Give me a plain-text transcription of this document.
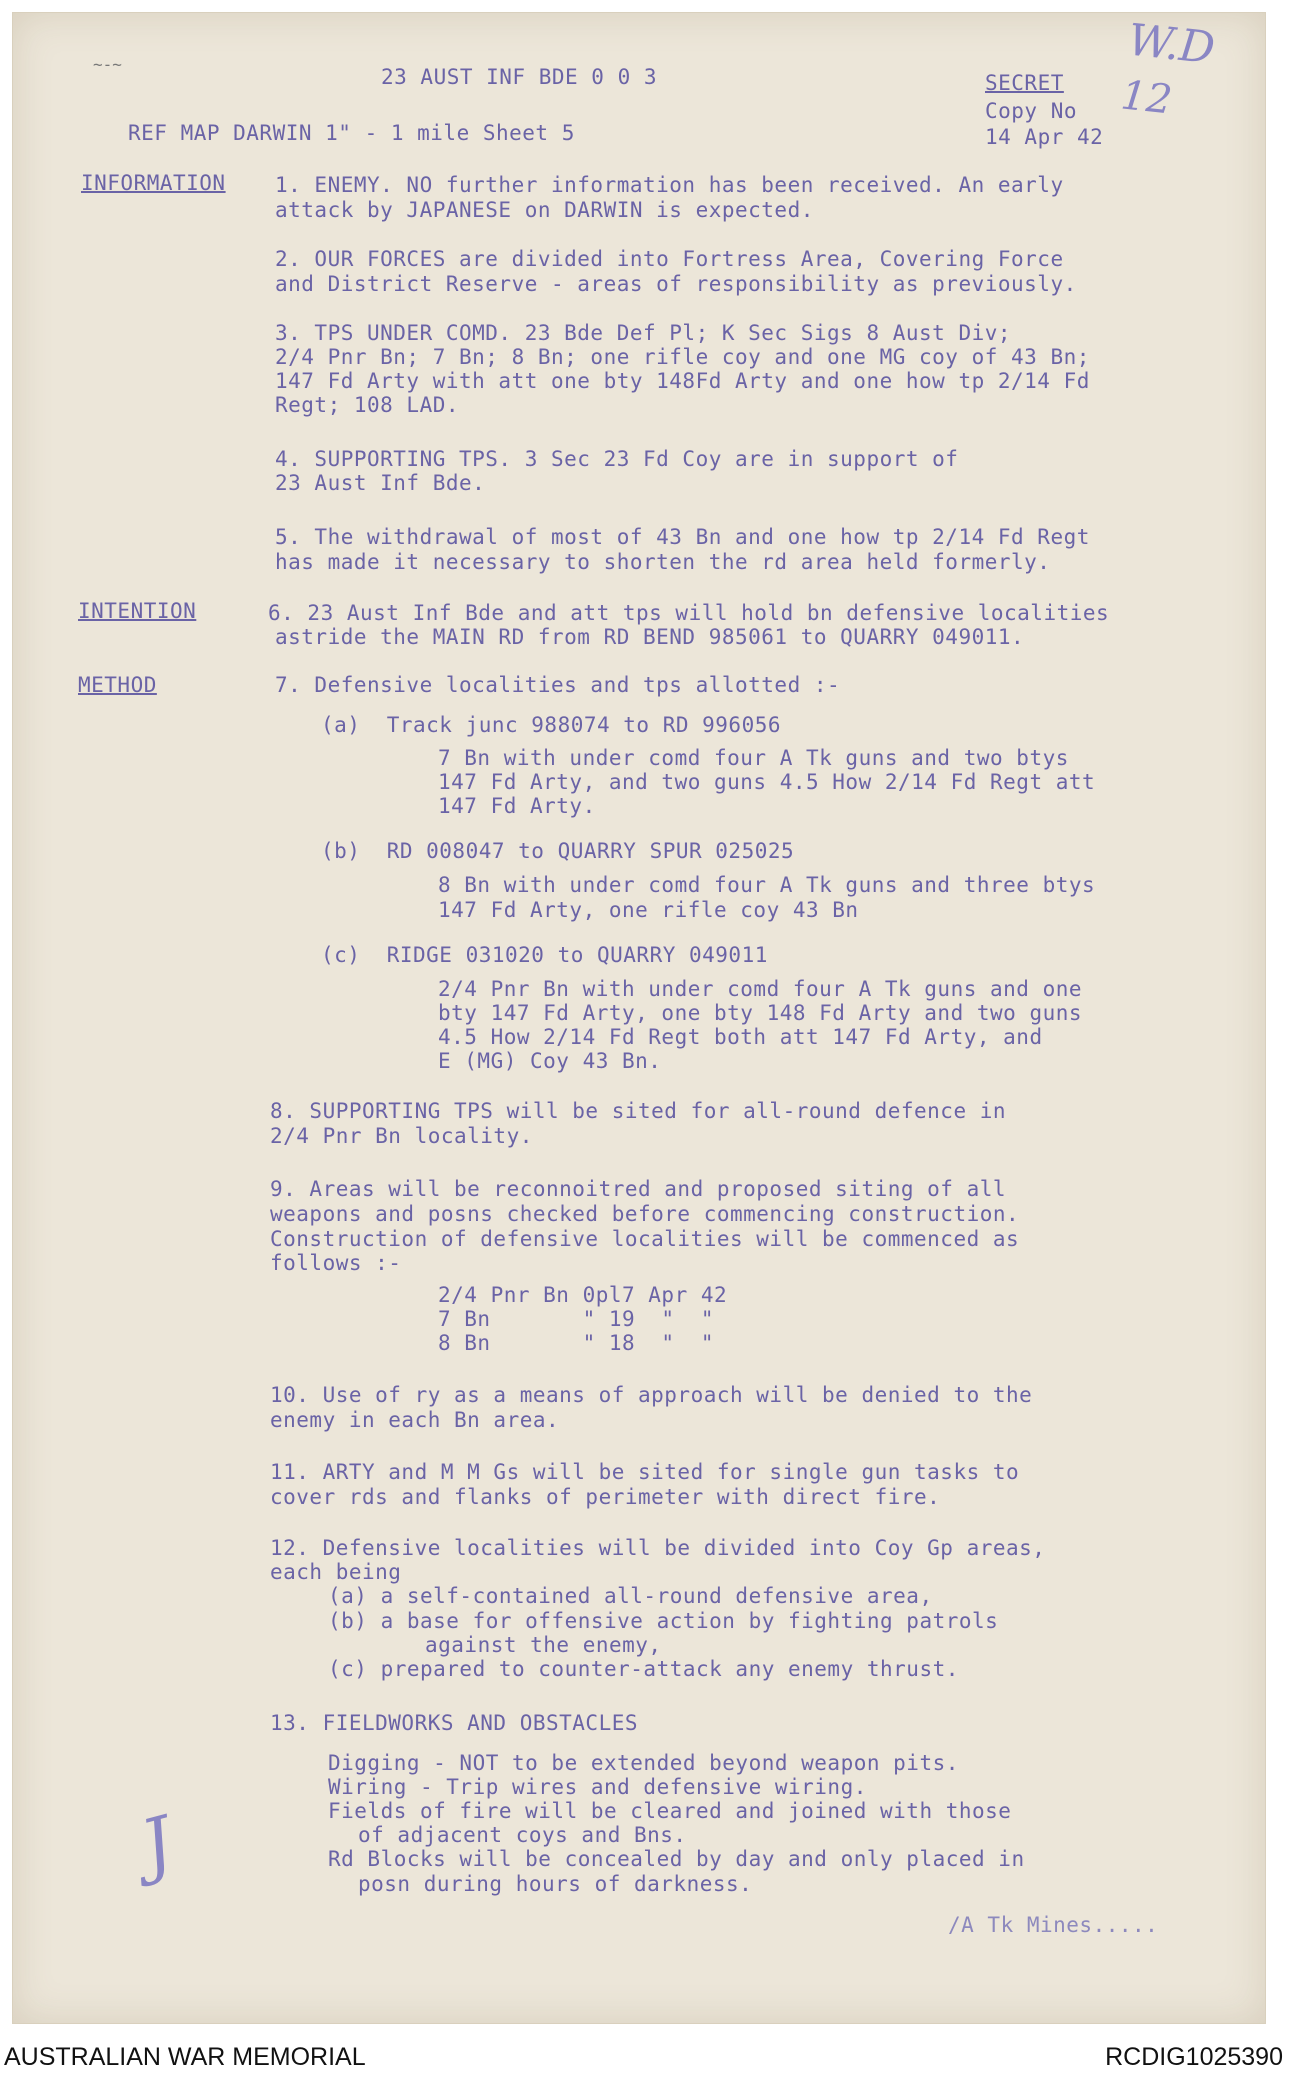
~-~
23 AUST INF BDE 0 0 3
REF MAP DARWIN 1" - 1 mile Sheet 5
SECRET
Copy No 12
14 Apr 42
W.D
INFORMATION
INTENTION
METHOD
1. ENEMY. NO further information has been received. An early
attack by JAPANESE on DARWIN is expected.
2. OUR FORCES are divided into Fortress Area, Covering Force
and District Reserve - areas of responsibility as previously.
3. TPS UNDER COMD. 23 Bde Def Pl; K Sec Sigs 8 Aust Div;
2/4 Pnr Bn; 7 Bn; 8 Bn; one rifle coy and one MG coy of 43 Bn;
147 Fd Arty with att one bty 148Fd Arty and one how tp 2/14 Fd
Regt; 108 LAD.
4. SUPPORTING TPS. 3 Sec 23 Fd Coy are in support of
23 Aust Inf Bde.
5. The withdrawal of most of 43 Bn and one how tp 2/14 Fd Regt
has made it necessary to shorten the rd area held formerly.
6. 23 Aust Inf Bde and att tps will hold bn defensive localities
astride the MAIN RD from RD BEND 985061 to QUARRY 049011.
7. Defensive localities and tps allotted :-
(a)  Track junc 988074 to RD 996056
7 Bn with under comd four A Tk guns and two btys
147 Fd Arty, and two guns 4.5 How 2/14 Fd Regt att
147 Fd Arty.
(b)  RD 008047 to QUARRY SPUR 025025
8 Bn with under comd four A Tk guns and three btys
147 Fd Arty, one rifle coy 43 Bn
(c)  RIDGE 031020 to QUARRY 049011
2/4 Pnr Bn with under comd four A Tk guns and one
bty 147 Fd Arty, one bty 148 Fd Arty and two guns
4.5 How 2/14 Fd Regt both att 147 Fd Arty, and
E (MG) Coy 43 Bn.
8. SUPPORTING TPS will be sited for all-round defence in
2/4 Pnr Bn locality.
9. Areas will be reconnoitred and proposed siting of all
weapons and posns checked before commencing construction.
Construction of defensive localities will be commenced as
follows :-
2/4 Pnr Bn 0pl7 Apr 42
7 Bn       " 19  "  "
8 Bn       " 18  "  "
10. Use of ry as a means of approach will be denied to the
enemy in each Bn area.
11. ARTY and M M Gs will be sited for single gun tasks to
cover rds and flanks of perimeter with direct fire.
12. Defensive localities will be divided into Coy Gp areas,
each being
(a) a self-contained all-round defensive area,
(b) a base for offensive action by fighting patrols
against the enemy,
(c) prepared to counter-attack any enemy thrust.
13. FIELDWORKS AND OBSTACLES
Digging - NOT to be extended beyond weapon pits.
Wiring - Trip wires and defensive wiring.
Fields of fire will be cleared and joined with those
of adjacent coys and Bns.
Rd Blocks will be concealed by day and only placed in
posn during hours of darkness.
/A Tk Mines.....
J
AUSTRALIAN WAR MEMORIAL	RCDIG1025390
